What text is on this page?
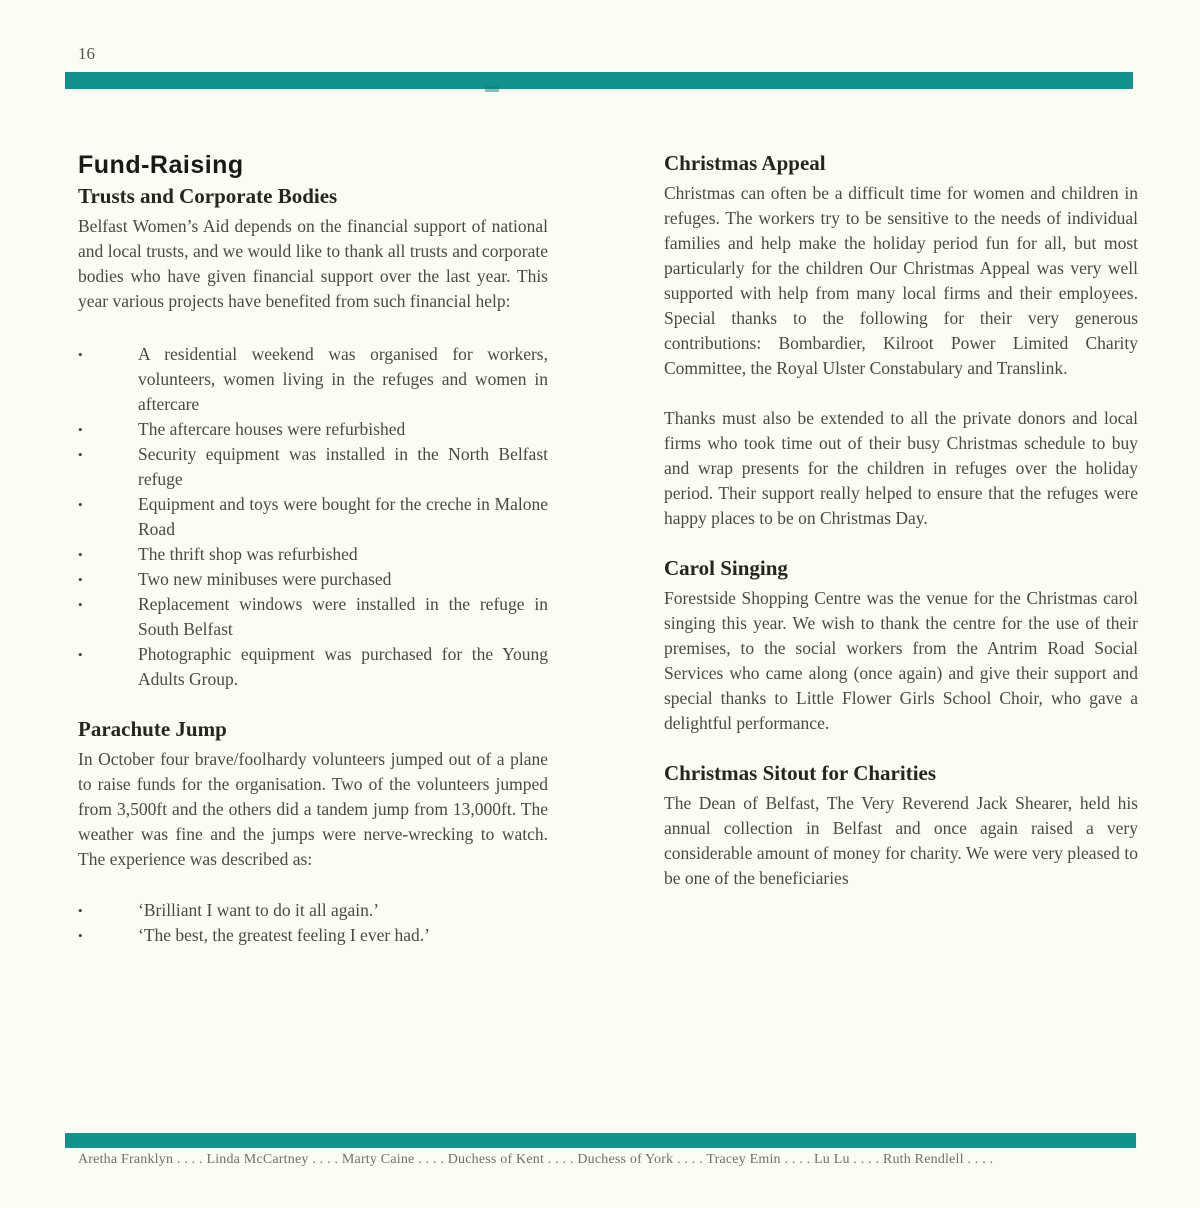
16
Fund-Raising
Trusts and Corporate Bodies

Belfast Women’s Aid depends on the financial support of national and local trusts, and we would like to thank all trusts and corporate bodies who have given financial support over the last year. This year various projects have benefited from such financial help:

•	A residential weekend was organised for workers, volunteers, women living in the refuges and women in aftercare
•	The aftercare houses were refurbished
•	Security equipment was installed in the North Belfast refuge
•	Equipment and toys were bought for the creche in Malone Road
•	The thrift shop was refurbished
•	Two new minibuses were purchased
•	Replacement windows were installed in the refuge in South Belfast
•	Photographic equipment was purchased for the Young Adults Group.
Parachute Jump

In October four brave/foolhardy volunteers jumped out of a plane to raise funds for the organisation. Two of the volunteers jumped from 3,500ft and the others did a tandem jump from 13,000ft. The weather was fine and the jumps were nerve-wrecking to watch. The experience was described as:

•	‘Brilliant I want to do it all again.’
•	‘The best, the greatest feeling I ever had.’
Christmas Appeal

Christmas can often be a difficult time for women and children in refuges. The workers try to be sensitive to the needs of individual families and help make the holiday period fun for all, but most particularly for the children Our Christmas Appeal was very well supported with help from many local firms and their employees. Special thanks to the following for their very generous contributions: Bombardier, Kilroot Power Limited Charity Committee, the Royal Ulster Constabulary and Translink.

Thanks must also be extended to all the private donors and local firms who took time out of their busy Christmas schedule to buy and wrap presents for the children in refuges over the holiday period. Their support really helped to ensure that the refuges were happy places to be on Christmas Day.

Carol Singing

Forestside Shopping Centre was the venue for the Christmas carol singing this year. We wish to thank the centre for the use of their premises, to the social workers from the Antrim Road Social Services who came along (once again) and give their support and special thanks to Little Flower Girls School Choir, who gave a delightful performance.

Christmas Sitout for Charities

The Dean of Belfast, The Very Reverend Jack Shearer, held his annual collection in Belfast and once again raised a very considerable amount of money for charity. We were very pleased to be one of the beneficiaries

Aretha Franklyn . . . . Linda McCartney . . . . Marty Caine . . . . Duchess of Kent . . . . Duchess of York . . . . Tracey Emin . . . . Lu Lu . . . . Ruth Rendlell . . . .
